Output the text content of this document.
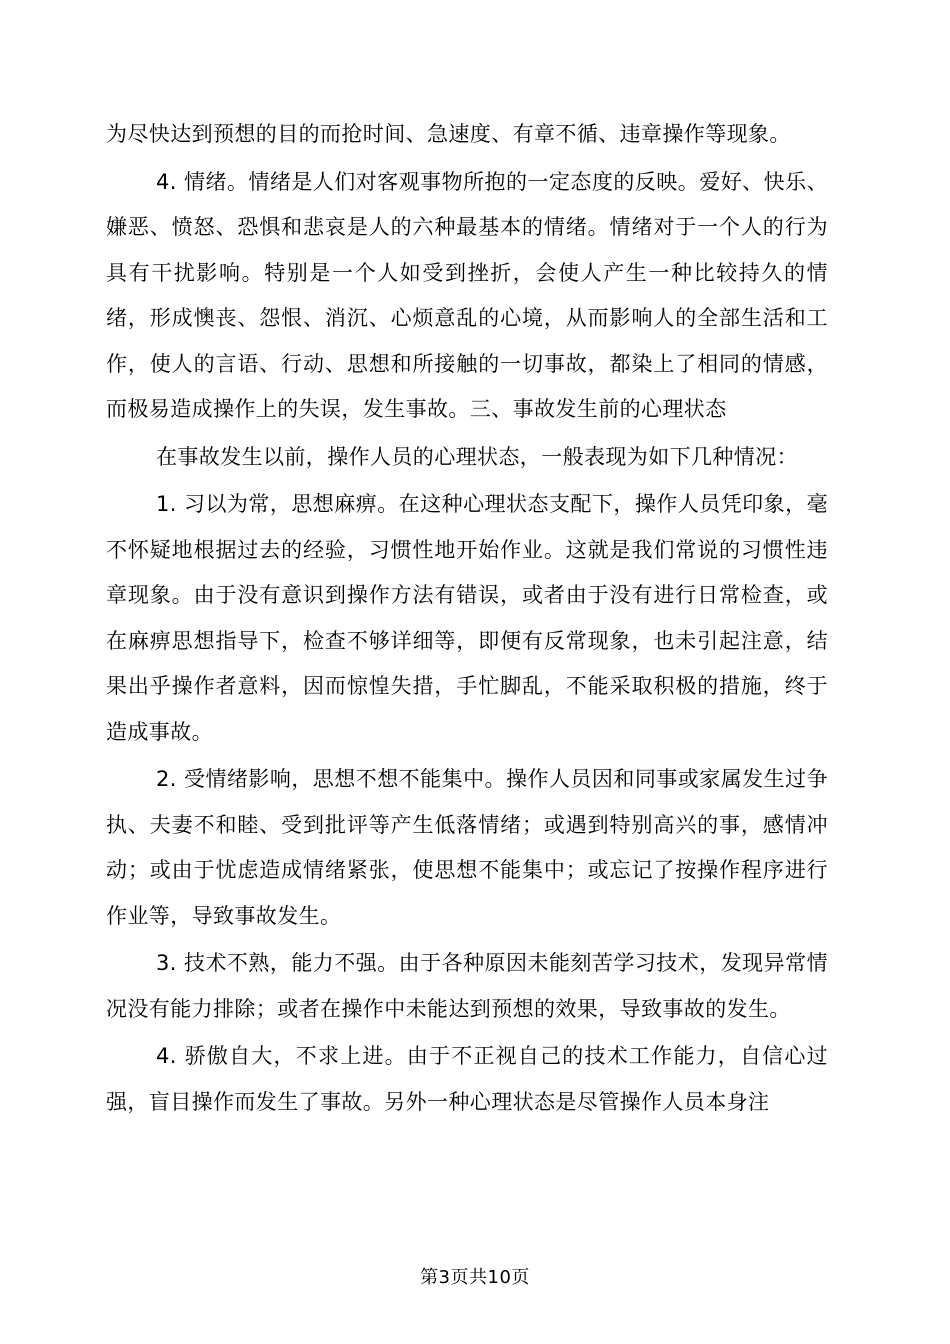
为尽快达到预想的目的而抢时间、急速度、有章不循、违章操作等现象。

4. 情绪。情绪是人们对客观事物所抱的一定态度的反映。爱好、快乐、嫌恶、愤怒、恐惧和悲哀是人的六种最基本的情绪。情绪对于一个人的行为具有干扰影响。特别是一个人如受到挫折，会使人产生一种比较持久的情绪，形成懊丧、怨恨、消沉、心烦意乱的心境，从而影响人的全部生活和工作，使人的言语、行动、思想和所接触的一切事故，都染上了相同的情感，而极易造成操作上的失误，发生事故。三、事故发生前的心理状态

在事故发生以前，操作人员的心理状态，一般表现为如下几种情况：

1. 习以为常，思想麻痹。在这种心理状态支配下，操作人员凭印象，毫不怀疑地根据过去的经验，习惯性地开始作业。这就是我们常说的习惯性违章现象。由于没有意识到操作方法有错误，或者由于没有进行日常检查，或在麻痹思想指导下，检查不够详细等，即便有反常现象，也未引起注意，结果出乎操作者意料，因而惊惶失措，手忙脚乱，不能采取积极的措施，终于造成事故。

2. 受情绪影响，思想不想不能集中。操作人员因和同事或家属发生过争执、夫妻不和睦、受到批评等产生低落情绪；或遇到特别高兴的事，感情冲动；或由于忧虑造成情绪紧张，使思想不能集中；或忘记了按操作程序进行作业等，导致事故发生。

3. 技术不熟，能力不强。由于各种原因未能刻苦学习技术，发现异常情况没有能力排除；或者在操作中未能达到预想的效果，导致事故的发生。

4. 骄傲自大，不求上进。由于不正视自己的技术工作能力，自信心过强，盲目操作而发生了事故。另外一种心理状态是尽管操作人员本身注

第3页共10页
